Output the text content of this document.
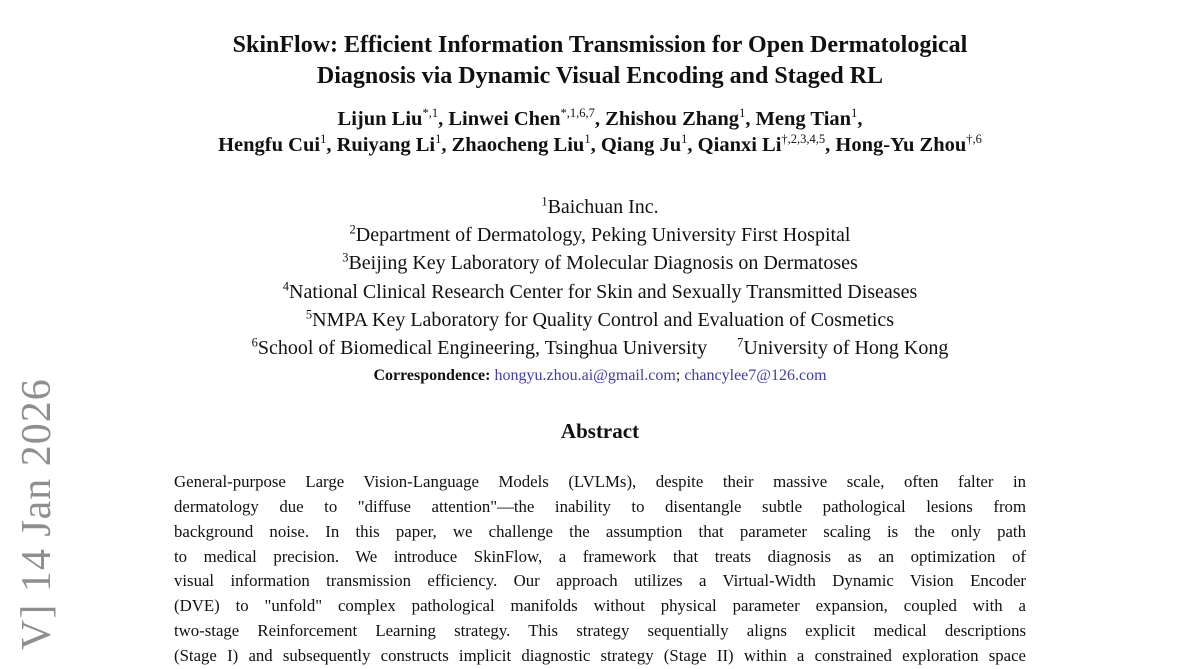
V] 14 Jan 2026
SkinFlow: Efficient Information Transmission for Open Dermatological
Diagnosis via Dynamic Visual Encoding and Staged RL
Lijun Liu$^{*,1}$, Linwei Chen$^{*,1,6,7}$, Zhishou Zhang$^1$, Meng Tian$^1$,
Hengfu Cui$^1$, Ruiyang Li$^1$, Zhaocheng Liu$^1$, Qiang Ju$^1$, Qianxi $Li^{\dagger,2,3,4,5}$, Hong-Yu Zhou$^{\dagger,6}$
$^1$Baichuan Inc.
$^2$Department of Dermatology, Peking University First Hospital
$^3$Beijing Key Laboratory of Molecular Diagnosis on Dermatoses
$^4$National Clinical Research Center for Skin and Sexually Transmitted Diseases
$^5$NMPA Key Laboratory for Quality Control and Evaluation of Cosmetics
$^6$School of Biomedical Engineering, Tsinghua University $^7$University of Hong Kong
Correspondence: hongyu.zhou.ai@gmail.com; chancylee7@126.com
Abstract
General-purpose Large Vision-Language Models (LVLMs), despite their massive scale, often falter in
dermatology due to "diffuse attention"—the inability to disentangle subtle pathological lesions from
background noise. In this paper, we challenge the assumption that parameter scaling is the only path
to medical precision. We introduce SkinFlow, a framework that treats diagnosis as an optimization of
visual information transmission efficiency. Our approach utilizes a Virtual-Width Dynamic Vision Encoder
(DVE) to "unfold" complex pathological manifolds without physical parameter expansion, coupled with a
two-stage Reinforcement Learning strategy. This strategy sequentially aligns explicit medical descriptions
(Stage I) and subsequently constructs implicit diagnostic strategy (Stage II) within a constrained exploration space
